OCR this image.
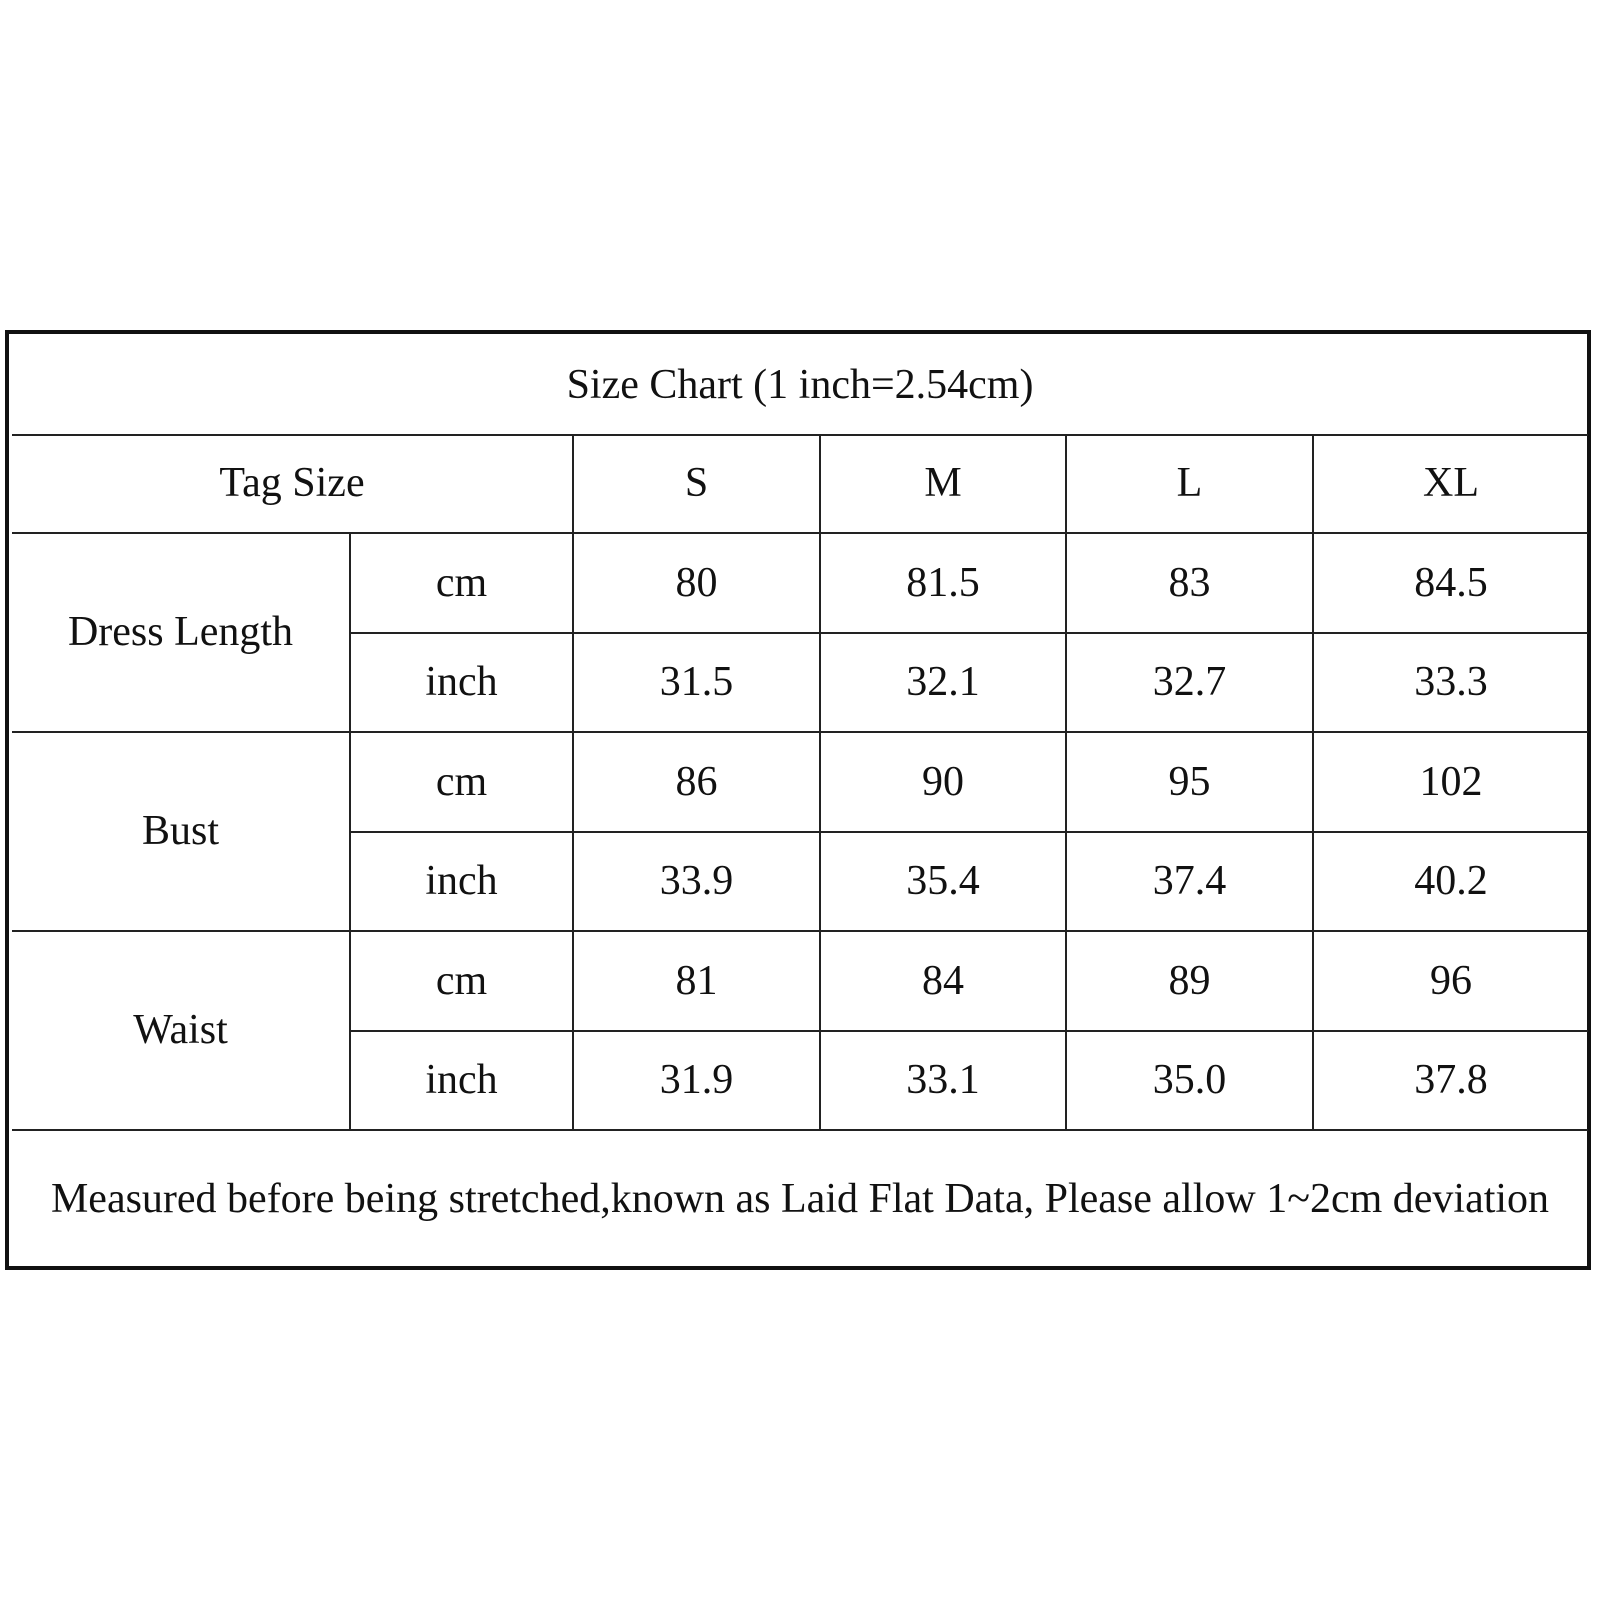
Size Chart (1 inch=2.54cm)					
Tag Size		S	M	L	XL
Dress Length	cm	80	81.5	83	84.5
	inch	31.5	32.1	32.7	33.3
Bust	cm	86	90	95	102
	inch	33.9	35.4	37.4	40.2
Waist	cm	81	84	89	96
	inch	31.9	33.1	35.0	37.8
Measured before being stretched,known as Laid Flat Data, Please allow 1~2cm deviation					
